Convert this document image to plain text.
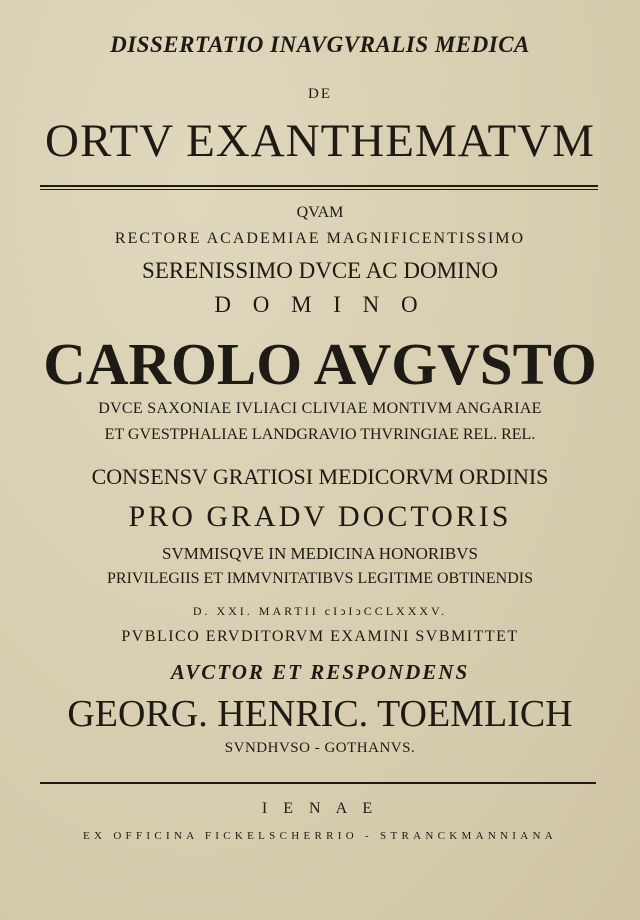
DISSERTATIO INAVGVRALIS MEDICA
DE
ORTV EXANTHEMATVM
QVAM
RECTORE ACADEMIAE MAGNIFICENTISSIMO
SERENISSIMO DVCE AC DOMINO
D O M I N O
CAROLO AVGVSTO
DVCE SAXONIAE IVLIACI CLIVIAE MONTIVM ANGARIAE
ET GVESTPHALIAE LANDGRAVIO THVRINGIAE REL. REL.
CONSENSV GRATIOSI MEDICORVM ORDINIS
PRO GRADV DOCTORIS
SVMMISQVE IN MEDICINA HONORIBVS
PRIVILEGIIS ET IMMVNITATIBVS LEGITIME OBTINENDIS
D. XXI. MARTII cIↄIↄCCLXXXV.
PVBLICO ERVDITORVM EXAMINI SVBMITTET
AVCTOR ET RESPONDENS
GEORG. HENRIC. TOEMLICH
SVNDHVSO - GOTHANVS.
I E N A E
EX OFFICINA FICKELSCHERRIO - STRANCKMANNIANA
